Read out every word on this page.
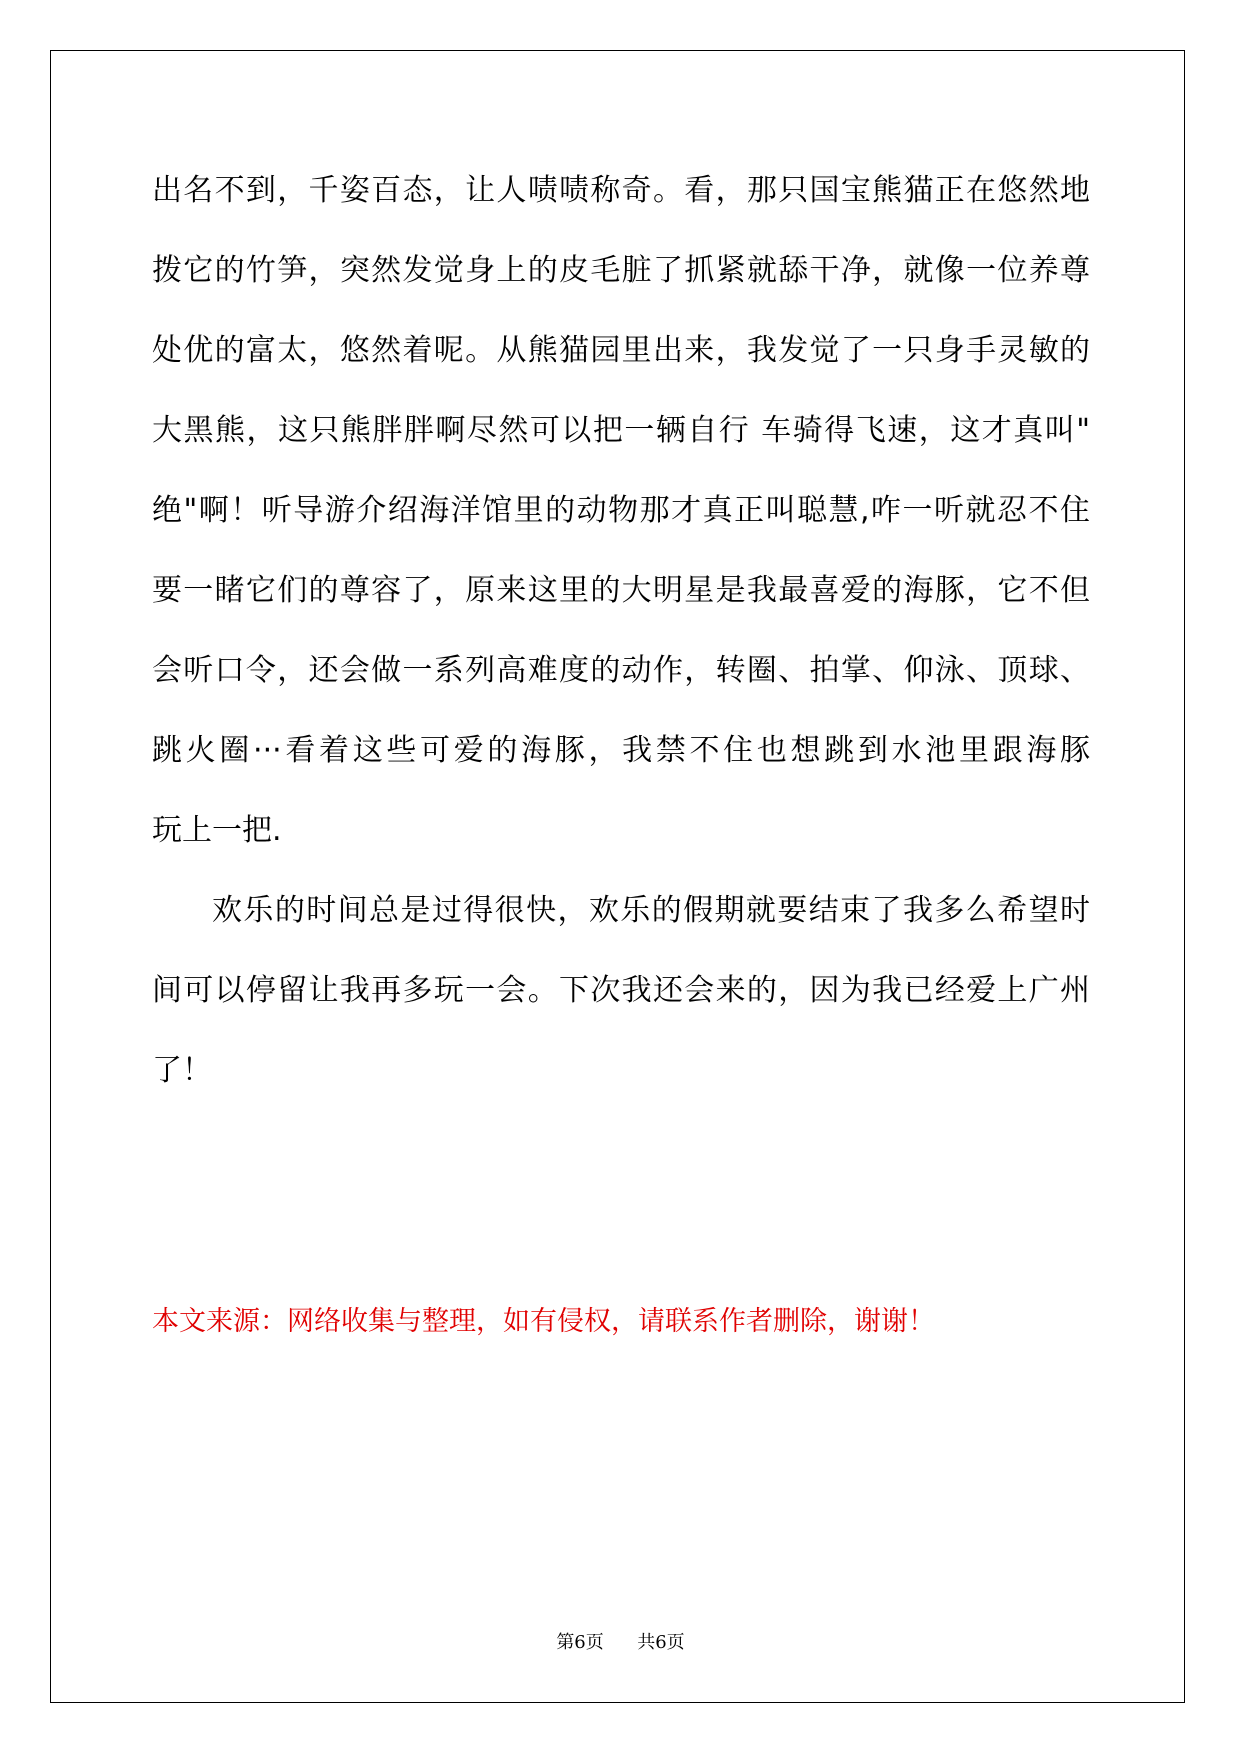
出名不到，千姿百态，让人啧啧称奇。看，那只国宝熊猫正在悠然地
拨它的竹笋，突然发觉身上的皮毛脏了抓紧就舔干净，就像一位养尊
处优的富太，悠然着呢。从熊猫园里出来，我发觉了一只身手灵敏的
大黑熊，这只熊胖胖啊尽然可以把一辆自行 车骑得飞速，这才真叫"
绝"啊！听导游介绍海洋馆里的动物那才真正叫聪慧,咋一听就忍不住
要一睹它们的尊容了，原来这里的大明星是我最喜爱的海豚，它不但
会听口令，还会做一系列高难度的动作，转圈、拍掌、仰泳、顶球、
跳火圈···看着这些可爱的海豚，我禁不住也想跳到水池里跟海豚
玩上一把.
欢乐的时间总是过得很快，欢乐的假期就要结束了我多么希望时
间可以停留让我再多玩一会。下次我还会来的，因为我已经爱上广州
了！
本文来源：网络收集与整理，如有侵权，请联系作者删除，谢谢！
第6页 共6页
